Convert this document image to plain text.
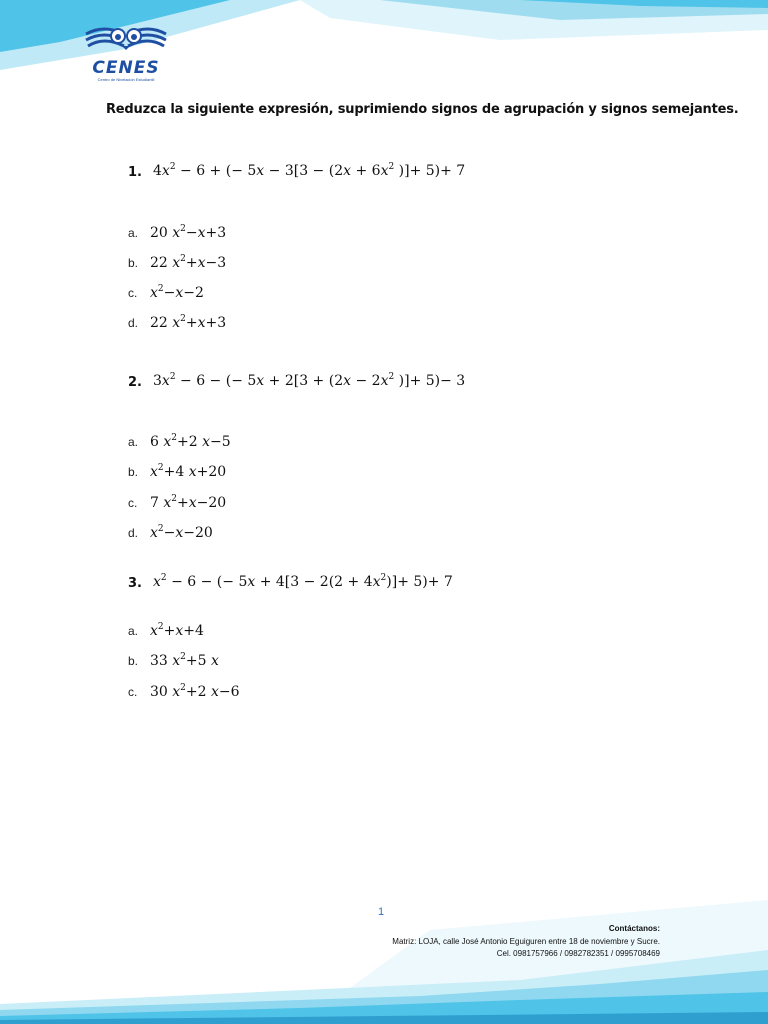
CENES
Centro de Nivelación Estudiantil
Reduzca la siguiente expresión, suprimiendo signos de agrupación y signos semejantes.
1. $4x^2 - 6$ + (− $5x - 3[3 - (2x + 6x^2$ )]+ 5)+ 7
a. 20 $x^2-x+3$
b. 22 $x^2+x-3$
c. $x^2-x-2$
d. 22 $x^2+x+3$
2. $3x^2 - 6$ − (− $5x + 2[3 + (2x - 2x^2$ )]+ 5)− 3
a. 6 $x^2+2$ x−5
b. $x^2+4$ x+20
c. 7 $x^2+x-20$
d. $x^2-x-20$
3. $x^2 - 6$ − (− $5x + 4[3 - 2(2 + 4x^2)]+ 5)+ 7$
a. $x^2+x+4$
b. 33 $x^2+5$ x
c. 30 $x^2+2$ x−6
1
Contáctanos:
Matriz: LOJA, calle José Antonio Eguiguren entre 18 de noviembre y Sucre.
Cel. 0981757966 / 0982782351 / 0995708469
